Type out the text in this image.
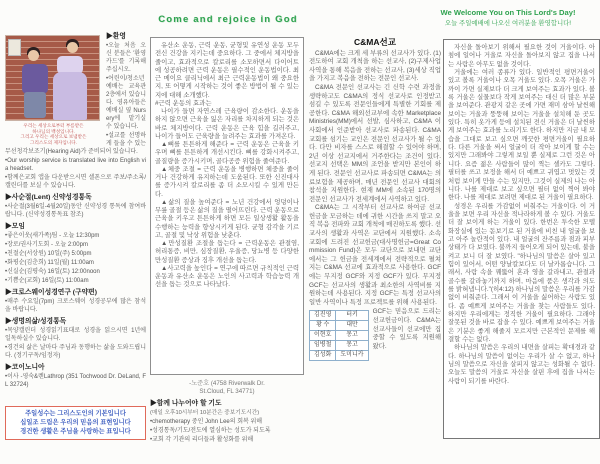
Come and rejoice in God
We Welcome You on This Lord's Day!
오늘 주일예배에 나오신 여러분을 환영합니다!
우리는 세상으로부터 부름받은
하나님의 백성입니다.
그리고 우리는 세상으로 보냄받은
그리스도의 제자입니다.
▶환영
•오늘 처음 오신 분들은 '환영카드'를 기록해 주십시오.
•어린이/청소년 예배는 교육관 2층에서 있습니다. 영유아들은 예배실 옆 Nursery에 맡기실 수 있습니다.
•설교를 선명하게 들을 수 있는 무선청각보조기(Hearing Aid)가 준비되어 있습니다.
•Our worship service is translated live into English via headset.
•함께은교회 앱을 다운받으시면 셀폰으로 주보/주소록/캘린더를 보실 수 있습니다.
▶사순절(Lent) 신약성경통독
•사순절(3월6일-4월20일)동안 신약성경 통독에 참여바랍니다. (신약성경통독표 참조)
▶모임
•좋은이웃(새가족)팀 - 오늘 12:30pm
•장로/권사기도회 - 오늘 2:00pm
•친절순(서상원) 10일(주) 5:00pm
•화평순(김춘희) 11일(월) 11:00am
•신실순(김평숙) 16일(토) 12:00noon
•기쁨순(교회) 16일(토) 11:00am
▶크로스웨이성경연구 (구약편)
•매주 수요일(7pm) 크로스웨이 성경공부에 많은 참석을 바랍니다.
▶생명의삶/성경통독
•목양캘린더 성경읽기표대로 성경을 읽으시면 1년에 일독하실수 있습니다.
•경건의 삶은 날마다 주님과 동행하는 삶을 도와드립니다. (정기구독/임정자)
▶코이노니아
•이사 -영숙&렌Lathrop (351 Tochwood Dr. DeLand, FL 32724)
주일성수는 그리스도인의 기본입니다
십일조 드림은 우리의 믿음의 표현입니다
경건한 생활은 주님을 사랑하는 표입니다

유산소 운동, 근력 운동, 균형및 유연성 운동 모두 전신 건강을 지키는데 중요하다. 그 중에서 체지방을 줄이고, 효과적으로 칼로리를 소모하면서 다이어트에 성공하려면 근력 운동은 필수적인 운동법이다. 최근 메이요 클리닉에서 최근 근력운동법이 왜 중요한지, 또 어떻게 시작하는 것이 좋은 방법이 될 수 있는지에 대해 소개했다.

#근력 운동의 효과는

나이가 들면 자연스레 근육량이 감소한다. 운동을 하지 않으면 근육을 잃은 자리를 차지하게 되는 것은 바로 체지방이다. 근력 운동은 근육 힘을 길러주고, 나이가 들어도 근육량을 늘려주는 효과를 가져온다.

▲뼈를 튼튼하게 해준다 = 근력 운동은 근육을 키우며 뼈를 튼튼하게 개선시킨다. 뼈를 강화시켜주고, 골질량을 증가시키며, 골다공증 위험을 줄여준다.

▲체중 조절 = 근력 운동을 병행하면 체중을 줄이거나 건강하게 유지하는데 도움된다. 또한 신진대사를 증가시켜 칼로리를 좀 더 소모시킬 수 있게 만든다.

▲삶의 질을 높여준다 = 노년 건강에서 엉덩이나 무릎 골절 등은 삶의 질을 떨어뜨린다. 근력 운동으로 근육을 키우고 튼튼하게 하면 모든 일상생활 활동을 수행하는 능력을 향상시키게 된다. 균형 감각을 기르고, 골절 및 낙상 위험을 낮춘다.

▲만성질환 조절을 돕는다 = 근력운동은 관절염, 허리통증, 비만, 심장질환, 우울증, 당뇨병 등 다양한 만성질환 증상과 징후 개선을 돕는다.

▲사고력을 높인다 = 연구에 따르면 규칙적인 근력 운동과 유산소 운동은 노인의 사고력과 학습능력 개선을 돕는 것으로 나타났다.

-노준호 (4758 Riverwalk Dr.
St.Cloud, FL 34771)
▶함께 나누어야 할 기도
(매일 오후10시부터 10분간은 중보기도시간)
•chemotherapy 중인 John Lee의 회복 위해
•성경통독/기도/전도에 열심하는 성도가 되도록
•교회 각 기관의 리더들과 활성화를 위해
C&MA선교

C&MA에는 크게 세 부류의 선교사가 있다. (1)전도하여 교회 개척을 하는 선교사, (2)구제사업 사역을 통해 복음을 전하는 선교사, (3)세상 직업을 가지고 복음을 전하는 전문인 선교사.

C&MA 전문인 선교사는 긴 신학 수련 과정을 생략하고도 C&MA의 정식 선교사로 인정받고 섬길 수 있도록 전문인들에게 특별한 기회를 제공한다. C&MA 해외선교부에 속한 Marketplace Ministries(MM)에서 선발, 심사하고, C&MA 이사회에서 인준받아 선교사로 파송된다. C&MA 교회를 섬기는 교인은 전문인 선교사가 될 수 있다. 다만 비자를 스스로 해결할 수 있어야 하며, 2년 이상 선교지에서 거주한다는 조건이 있다. 선교지 선택은 MM의 조언을 받지만 본인이 하게 된다. 전문인 선교사로 파송되면 C&MA는 의료보험을 제공하며, 매년 전문인 선교사 대회의 참석을 지원한다. 현재 MM에 소속된 170명의 전문인 선교사가 전세계에서 사역하고 있다.

C&MA는 그 시작부터 선교사로 하여금 선교헌금을 모금하는 데에 귀한 시간을 쓰지 말고 오직 복음 전파와 교회 개척에 매진하도록 했다. 선교사의 생활과 사역은 교단에서 지원했다. 소속 교회에 드려진 선교헌금(대사명헌금=Great Commission Fund)은 모두 교단으로 보내면 교단에서는 그 헌금을 전세계에서 전략적으로 펼쳐지는 C&MA 선교에 효과적으로 사용한다. GCF에는 무지정 GCF와 지정 GCF가 있다. 무지정 GCF는 선교사의 생활과 최소한의 사역비를 지원하는데 사용된다. 지정 GCF는 특정 선교사의 일반 사역이나 특정 프로젝트를 위해 사용된다.

김진영	터키
황 수	대만
이현호	몽고
임병철	몽고
김성화	도미니카
GCF는 믿음으로 드리는 선교헌금이다. C&MA는 선교사들이 선교에만 집중할 수 있도록 지원해 왔다.

자신을 돌아보기 위해서 필요한 것이 거울이다. 아침에 일어나 거울로 자신을 돌아보지 않고 집을 나서는 사람은 아무도 없을 것이다.

거울에는 여러 종류가 있다. 일반적인 평면거울이 있고 볼록 거울이나 오목 거울도 있다. 오목 거울은 가까이 가면 실제보다 더 크게 보여주는 효과가 있다. 볼록 거울은 실물보다 작게 보여주는 대신 더 많은 부분을 보여준다. 관광지 같은 곳에 가면 재미 삼아 날씬해 보이는 거울과 뚱뚱해 보이는 거울을 설치해 둔 곳도 있다. 특히 옷가게 등에 설치된 전신 거울은 더 날씬하게 보여주는 효과를 노리기도 한다. 하지만 지금 내 모습을 그대로 보고 싶으면 깨끗한 평면거울이 필요하다. 다른 거울을 써서 얼굴이 더 작아 보이게 할 수는 있지만 그래봐야 그렇게 보일 뿐 실제로 그런 것은 아니다. 요즘 젊은 사람들이 많이 찍는 셀카도 그렇다. 필터를 쓰고 보정을 해서 더 예쁘고 귀엽고 멋있는 것처럼 보이게 만들 수는 있지만, 그것이 실제의 나는 아니다. 나를 제대로 보고 싶으면 필터 없이 찍어 봐야 한다. 나를 제대로 보려면 제대로 된 거울이 필요하다.

성경은 우리를 가감없이 비춰주는 거울이다. 이 거울을 보면 우리 자신을 적나라하게 볼 수 있다. 거울도 더 잘 보이게 하는 거울이 있다. 한번은 투숙한 모텔 화장실에 있는 돋보기로 된 거울에 비친 내 얼굴을 보고 아주 놀란적이 있다. 내 얼굴의 잔주름과 점과 피부상태가 다 보였다. 불까지 들어오게 되어 있는데, 불을 켜고 보니 더 잘 보였다. "하나님의 말씀은 살아 있고 힘이 있어서, 어떤 양날칼보다도 더 날카롭습니다. 그래서, 사람 속을 꿰뚫어 혼과 영을 갈라내고, 관절과 골수를 갈라놓기까지 하며, 마음에 품은 생각과 의도를 밝혀냅니다."(히4:12) 하나님의 말씀은 우리를 가감 없이 비춰준다. 그래서 이 거울을 싫어하는 사람도 있다. 좀 예쁘게 보여주는 거울을 찾는 사람들도 있다. 하지만 우리에게는 정직한 거울이 필요하다. 그래야 잘못된 것을 바로 잡을 수 있다. 예쁘게 보여주는 거울은 기분은 좋게 해줄지 모르지만 근본적인 문제를 해결할 수는 없다.

하나님의 말씀은 우리의 내면을 살피는 확대경과 같다. 하나님의 말씀이 없이는 우리가 살 수 없고, 하나님의 말씀으로 자신을 살피지 않고는 성화될 수 없다. 오늘도 말씀의 거울로 자신을 살핀 후에 집을 나서는 사람이 되기를 바란다.
